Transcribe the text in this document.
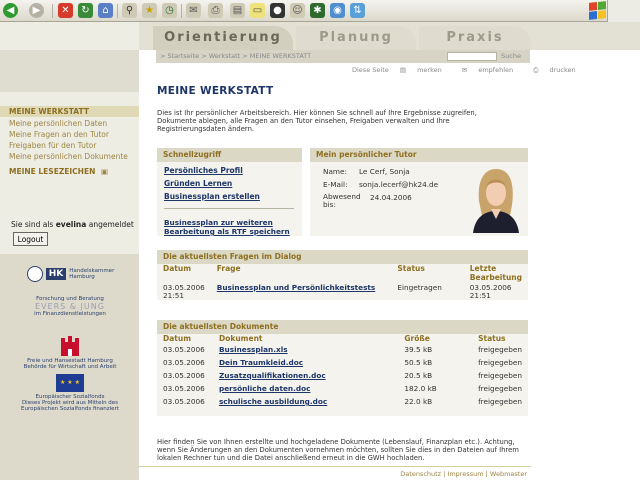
◀	▶	✕	↻	⌂	⚲	★	◷	✉	⎙	▤ ▭	●	☺	✱	◉	⇅
MEINE WERKSTATT
Meine persönlichen Daten
Meine Fragen an den Tutor
Freigaben für den Tutor
Meine persönlichen Dokumente
MEINE LESEZEICHEN ▣
Sie sind als evelina angemeldet
Logout
HK	Handelskammer Hamburg
Forschung und Beratung
EVERS & JUNG
im Finanzdienstleistungen
Freie und Hansestadt Hamburg Behörde für Wirtschaft und Arbeit
★ ★ ★
Europäischer Sozialfonds
Dieses Projekt wird aus Mitteln des Europäischen Sozialfonds finanziert
Orientierung	Planung	Praxis
> Startseite > Werkstatt > MEINE WERKSTATT	Suche
Diese Seite ▤ merken	✉ empfehlen	⎙ drucken
MEINE WERKSTATT
Dies ist Ihr persönlicher Arbeitsbereich. Hier können Sie schnell auf Ihre Ergebnisse zugreifen, Dokumente ablegen, alle Fragen an den Tutor einsehen, Freigaben verwalten und Ihre Registrierungsdaten ändern.
Schnellzugriff
Persönliches Profil
Gründen Lernen
Businessplan erstellen
Businessplan zur weiteren Bearbeitung als RTF speichern
Mein persönlicher Tutor
Name: Le Cerf, Sonja
E-Mail: sonja.lecerf@hk24.de
Abwesend bis:
24.04.2006
Die aktuellsten Fragen im Dialog
Datum	Frage	Status	Letzte Bearbeitung
03.05.2006 21:51	Businessplan und Persönlichkeitstests	Eingetragen	03.05.2006 21:51
Die aktuellsten Dokumente
Datum	Dokument	Größe	Status
03.05.2006	Businessplan.xls	39.5 kB	freigegeben
03.05.2006	Dein Traumkleid.doc	50.5 kB	freigegeben
03.05.2006	Zusatzqualifikationen.doc	20.5 kB	freigegeben
03.05.2006	persönliche daten.doc	182.0 kB	freigegeben
03.05.2006	schulische ausbildung.doc	22.0 kB	freigegeben
Hier finden Sie von Ihnen erstellte und hochgeladene Dokumente (Lebenslauf, Finanzplan etc.). Achtung, wenn Sie Änderungen an den Dokumenten vornehmen möchten, sollten Sie dies in den Dateien auf Ihrem lokalen Rechner tun und die Datei anschließend erneut in die GWH hochladen.
Datenschutz | Impressum | Webmaster
